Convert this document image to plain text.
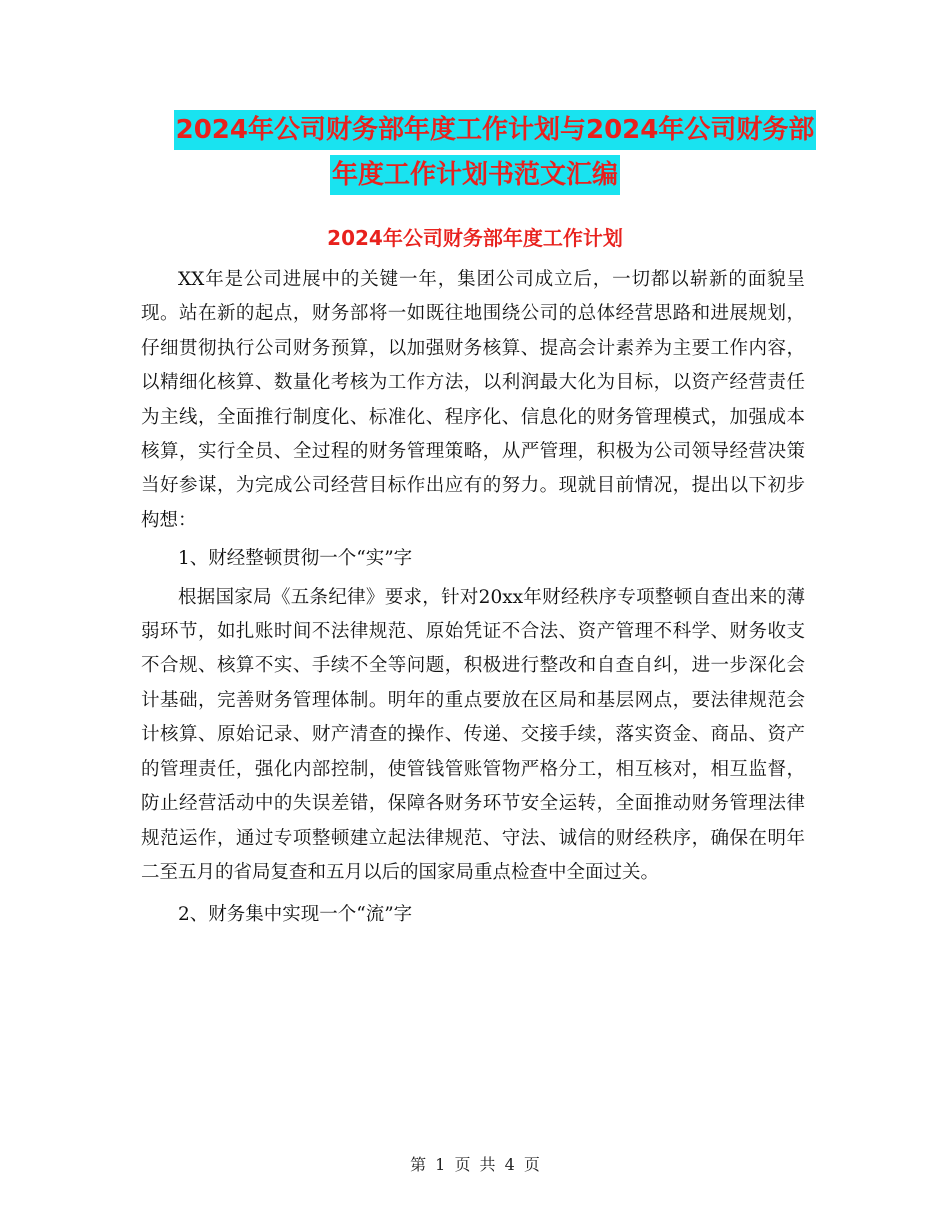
2024年公司财务部年度工作计划与2024年公司财务部
年度工作计划书范文汇编
2024年公司财务部年度工作计划

XX年是公司进展中的关键一年，集团公司成立后，一切都以崭新的面貌呈现。站在新的起点，财务部将一如既往地围绕公司的总体经营思路和进展规划， 仔细贯彻执行公司财务预算，以加强财务核算、提高会计素养为主要工作内容，以精细化核算、数量化考核为工作方法，以利润最大化为目标，以资产经营责任为主线，全面推行制度化、标准化、程序化、信息化的财务管理模式，加强成本核算，实行全员、全过程的财务管理策略，从严管理，积极为公司领导经营决策当好参谋，为完成公司经营目标作出应有的努力。现就目前情况，提出以下初步构想：

1、财经整顿贯彻一个“实”字

根据国家局《五条纪律》要求，针对20xx年财经秩序专项整顿自查出来的薄弱环节，如扎账时间不法律规范、原始凭证不合法、资产管理不科学、财务收支不合规、核算不实、手续不全等问题，积极进行整改和自查自纠，进一步深化会计基础，完善财务管理体制。明年的重点要放在区局和基层网点，要法律规范会计核算、原始记录、财产清查的操作、传递、交接手续，落实资金、商品、资产的管理责任，强化内部控制，使管钱管账管物严格分工，相互核对，相互监督，防止经营活动中的失误差错，保障各财务环节安全运转，全面推动财务管理法律规范运作，通过专项整顿建立起法律规范、守法、诚信的财经秩序，确保在明年二至五月的省局复查和五月以后的国家局重点检查中全面过关。

2、财务集中实现一个“流”字

第 1 页 共 4 页
